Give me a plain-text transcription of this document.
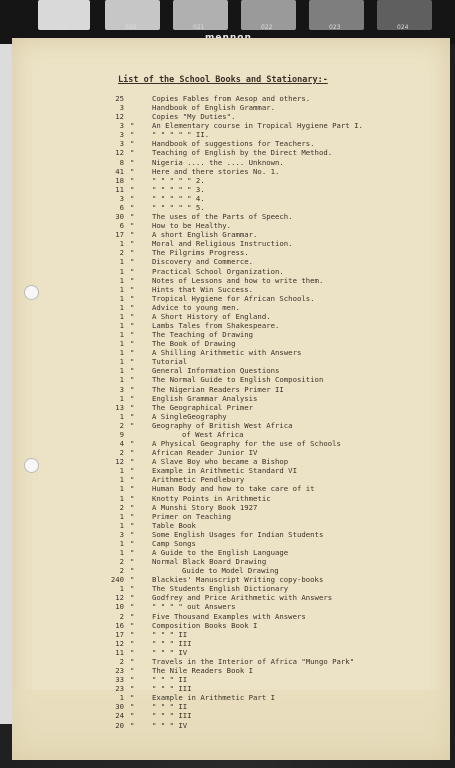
019	020	021	022	023	024
List of the School Books and Stationary:-
25	Copies Fables from Aesop and others.
3	Handbook of English Grammar.
12	Copies "My Duties".
3 "	An Elementary course in Tropical Hygiene Part I.
3 "	" " " " " II.
3 "	Handbook of suggestions for Teachers.
12 "	Teaching of English by the Direct Method.
8 "	Nigeria .... the .... Unknown.
41 "	Here and there stories No. 1.
18 "	" " " " " 2.
11 "	" " " " " 3.
3 "	" " " " " 4.
6 "	" " " " " 5.
30 "	The uses of the Parts of Speech.
6 "	How to be Healthy.
17 "	A short English Grammar.
1 "	Moral and Religious Instruction.
2 "	The Pilgrims Progress.
1 "	Discovery and Commerce.
1 "	Practical School Organization.
1 "	Notes of Lessons and how to write them.
1 "	Hints that Win Success.
1 "	Tropical Hygiene for African Schools.
1 "	Advice to young men.
1 "	A Short History of England.
1 "	Lambs Tales from Shakespeare.
1 "	The Teaching of Drawing
1 "	The Book of Drawing
1 "	A Shilling Arithmetic with Answers
1 "	Tutorial
1 "	General Information Questions
1 "	The Normal Guide to English Composition
3 "	The Nigerian Readers Primer II
1 "	English Grammar Analysis
13 "	The Geographical Primer
1 "	A SingleGeography
2 "	Geography of British West Africa
9	of West Africa
4 "	A Physical Geography for the use of Schools
2 "	African Reader Junior IV
12 "	A Slave Boy who became a Bishop
1 "	Example in Arithmetic Standard VI
1 "	Arithmetic Pendlebury
1 "	Human Body and how to take care of it
1 "	Knotty Points in Arithmetic
2 "	A Munshi Story Book 1927
1 "	Primer on Teaching
1 "	Table Book
3 "	Some English Usages for Indian Students
1 "	Camp Songs
1 "	A Guide to the English Language
2 "	Normal Black Board Drawing
2 "	Guide to Model Drawing
240 "	Blackies' Manuscript Writing copy-books
1 "	The Students English Dictionary
12 "	Godfrey and Price Arithmetic with Answers
10 "	" " " " out Answers
2 "	Five Thousand Examples with Answers
16 "	Composition Books Book I
17 "	" " " II
12 "	" " " III
11 "	" " " IV
2 "	Travels in the Interior of Africa "Mungo Park"
23 "	The Nile Readers Book I
33 "	" " " II
23 "	" " " III
1 "	Example in Arithmetic Part I
30 "	" " " II
24 "	" " " III
20 "	" " " IV
